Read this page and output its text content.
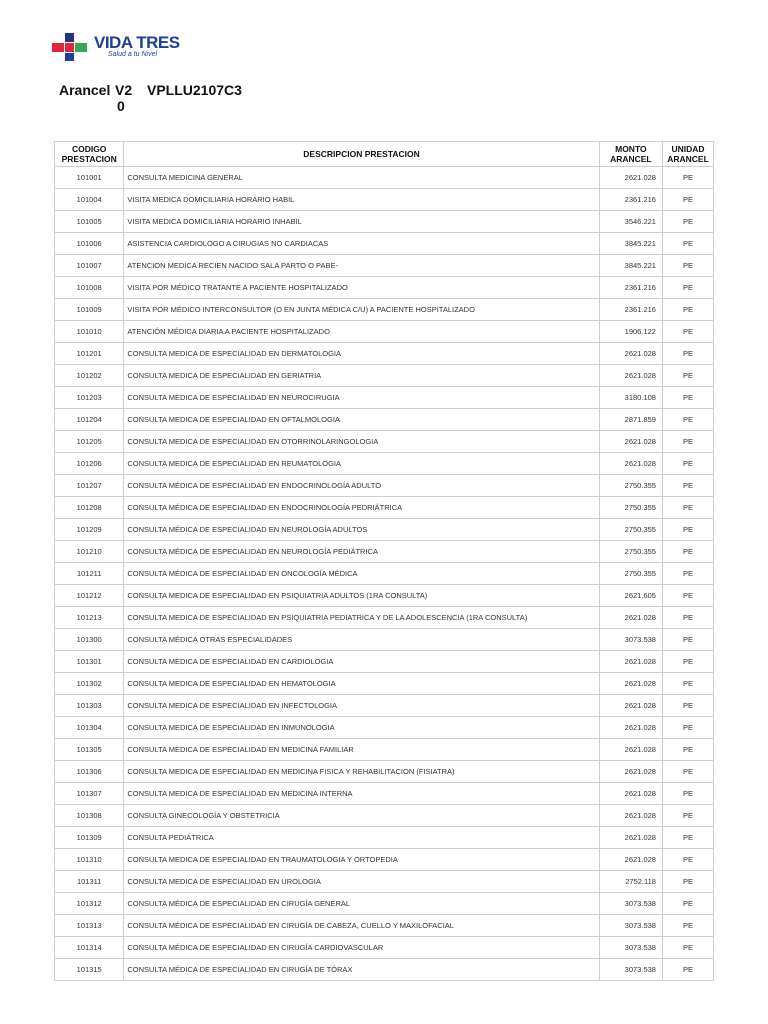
VIDA TRES
Salud a tu Nivel
Arancel V2
0
VPLLU2107C3
CODIGO PRESTACION	DESCRIPCION PRESTACION	MONTO ARANCEL	UNIDAD ARANCEL
101001	CONSULTA MEDICINA GENERAL	2621.028	PE
101004	VISITA MEDICA DOMICILIARIA HORARIO HABIL	2361.216	PE
101005	VISITA MEDICA DOMICILIARIA HORARIO INHABIL	3546.221	PE
101006	ASISTENCIA CARDIOLOGO A CIRUGIAS NO CARDIACAS	3845.221	PE
101007	ATENCION MEDICA RECIEN NACIDO SALA PARTO O PABE-	3845.221	PE
101008	VISITA POR MÉDICO TRATANTE A PACIENTE HOSPITALIZADO	2361.216	PE
101009	VISITA POR MÉDICO INTERCONSULTOR (O EN JUNTA MÉDICA C/U) A PACIENTE HOSPITALIZADO	2361.216	PE
101010	ATENCIÓN MÉDICA DIARIA A PACIENTE HOSPITALIZADO	1906.122	PE
101201	CONSULTA MEDICA DE ESPECIALIDAD EN DERMATOLOGIA	2621.028	PE
101202	CONSULTA MEDICA DE ESPECIALIDAD EN GERIATRIA	2621.028	PE
101203	CONSULTA MEDICA DE ESPECIALIDAD EN NEUROCIRUGIA	3180.108	PE
101204	CONSULTA MEDICA DE ESPECIALIDAD EN OFTALMOLOGIA	2871.859	PE
101205	CONSULTA MEDICA DE ESPECIALIDAD EN OTORRINOLARINGOLOGIA	2621.028	PE
101206	CONSULTA MEDICA DE ESPECIALIDAD EN REUMATOLOGIA	2621.028	PE
101207	CONSULTA MÉDICA DE ESPECIALIDAD EN ENDOCRINOLOGÍA ADULTO	2750.355	PE
101208	CONSULTA MÉDICA DE ESPECIALIDAD EN ENDOCRINOLOGÍA PEDRIÁTRICA	2750.355	PE
101209	CONSULTA MÉDICA DE ESPECIALIDAD EN NEUROLOGÍA ADULTOS	2750.355	PE
101210	CONSULTA MÉDICA DE ESPECIALIDAD EN NEUROLOGÍA PEDIÁTRICA	2750.355	PE
101211	CONSULTA MÉDICA DE ESPECIALIDAD EN ONCOLOGÍA MÉDICA	2750.355	PE
101212	CONSULTA MEDICA DE ESPECIALIDAD EN PSIQUIATRIA ADULTOS (1RA CONSULTA)	2621.605	PE
101213	CONSULTA MEDICA DE ESPECIALIDAD EN PSIQUIATRIA PEDIATRICA Y DE LA ADOLESCENCIA (1RA CONSULTA)	2621.028	PE
101300	CONSULTA MÉDICA OTRAS ESPECIALIDADES	3073.538	PE
101301	CONSULTA MEDICA DE ESPECIALIDAD EN CARDIOLOGIA	2621.028	PE
101302	CONSULTA MEDICA DE ESPECIALIDAD EN HEMATOLOGIA	2621.028	PE
101303	CONSULTA MEDICA DE ESPECIALIDAD EN INFECTOLOGIA	2621.028	PE
101304	CONSULTA MEDICA DE ESPECIALIDAD EN INMUNOLOGIA	2621.028	PE
101305	CONSULTA MEDICA DE ESPECIALIDAD EN MEDICINA FAMILIAR	2621.028	PE
101306	CONSULTA MEDICA DE ESPECIALIDAD EN MEDICINA FISICA Y REHABILITACION (FISIATRA)	2621.028	PE
101307	CONSULTA MEDICA DE ESPECIALIDAD EN MEDICINA INTERNA	2621.028	PE
101308	CONSULTA GINECOLOGÍA Y OBSTETRICIA	2621.028	PE
101309	CONSULTA PEDIÁTRICA	2621.028	PE
101310	CONSULTA MEDICA DE ESPECIALIDAD EN TRAUMATOLOGIA Y ORTOPEDIA	2621.028	PE
101311	CONSULTA MEDICA DE ESPECIALIDAD EN UROLOGIA	2752.118	PE
101312	CONSULTA MÉDICA DE ESPECIALIDAD EN CIRUGÍA GENERAL	3073.538	PE
101313	CONSULTA MÉDICA DE ESPECIALIDAD EN CIRUGÍA DE CABEZA, CUELLO Y MAXILOFACIAL	3073.538	PE
101314	CONSULTA MÉDICA DE ESPECIALIDAD EN CIRUGÍA CARDIOVASCULAR	3073.538	PE
101315	CONSULTA MÉDICA DE ESPECIALIDAD EN CIRUGÍA DE TÓRAX	3073.538	PE
